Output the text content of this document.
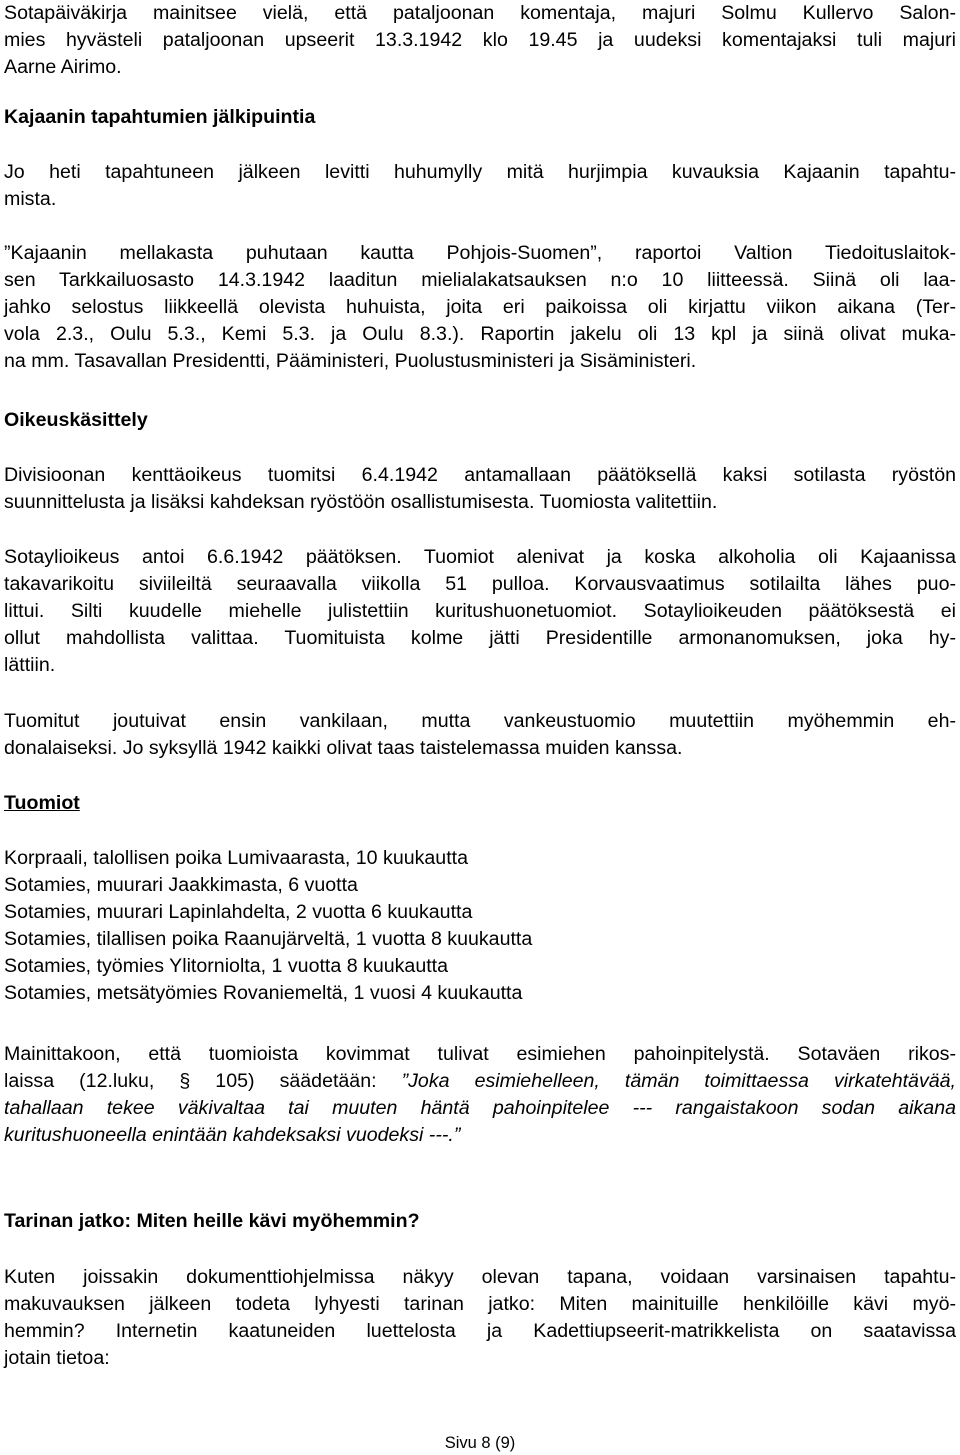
Sotapäiväkirja mainitsee vielä, että pataljoonan komentaja, majuri Solmu Kullervo Salon-
mies hyvästeli pataljoonan upseerit 13.3.1942 klo 19.45 ja uudeksi komentajaksi tuli majuri
Aarne Airimo.

Kajaanin tapahtumien jälkipuintia

Jo heti tapahtuneen jälkeen levitti huhumylly mitä hurjimpia kuvauksia Kajaanin tapahtu-
mista.

”Kajaanin mellakasta puhutaan kautta Pohjois-Suomen”, raportoi Valtion Tiedoituslaitok-
sen Tarkkailuosasto 14.3.1942 laaditun mielialakatsauksen n:o 10 liitteessä. Siinä oli laa-
jahko selostus liikkeellä olevista huhuista, joita eri paikoissa oli kirjattu viikon aikana (Ter-
vola 2.3., Oulu 5.3., Kemi 5.3. ja Oulu 8.3.). Raportin jakelu oli 13 kpl ja siinä olivat muka-
na mm. Tasavallan Presidentti, Pääministeri, Puolustusministeri ja Sisäministeri.

Oikeuskäsittely

Divisioonan kenttäoikeus tuomitsi 6.4.1942 antamallaan päätöksellä kaksi sotilasta ryöstön
suunnittelusta ja lisäksi kahdeksan ryöstöön osallistumisesta. Tuomiosta valitettiin.

Sotaylioikeus antoi 6.6.1942 päätöksen. Tuomiot alenivat ja koska alkoholia oli Kajaanissa
takavarikoitu siviileiltä seuraavalla viikolla 51 pulloa. Korvausvaatimus sotilailta lähes puo-
littui. Silti kuudelle miehelle julistettiin kuritushuonetuomiot. Sotaylioikeuden päätöksestä ei
ollut mahdollista valittaa. Tuomituista kolme jätti Presidentille armonanomuksen, joka hy-
lättiin.

Tuomitut joutuivat ensin vankilaan, mutta vankeustuomio muutettiin myöhemmin eh-
donalaiseksi. Jo syksyllä 1942 kaikki olivat taas taistelemassa muiden kanssa.

Tuomiot

Korpraali, talollisen poika Lumivaarasta, 10 kuukautta
Sotamies, muurari Jaakkimasta, 6 vuotta
Sotamies, muurari Lapinlahdelta, 2 vuotta 6 kuukautta
Sotamies, tilallisen poika Raanujärveltä, 1 vuotta 8 kuukautta
Sotamies, työmies Ylitorniolta, 1 vuotta 8 kuukautta
Sotamies, metsätyömies Rovaniemeltä, 1 vuosi 4 kuukautta

Mainittakoon, että tuomioista kovimmat tulivat esimiehen pahoinpitelystä. Sotaväen rikos-
laissa (12.luku, § 105) säädetään: ”Joka esimiehelleen, tämän toimittaessa virkatehtävää,
tahallaan tekee väkivaltaa tai muuten häntä pahoinpitelee --- rangaistakoon sodan aikana
kuritushuoneella enintään kahdeksaksi vuodeksi ---.”

Tarinan jatko: Miten heille kävi myöhemmin?

Kuten joissakin dokumenttiohjelmissa näkyy olevan tapana, voidaan varsinaisen tapahtu-
makuvauksen jälkeen todeta lyhyesti tarinan jatko: Miten mainituille henkilöille kävi myö-
hemmin? Internetin kaatuneiden luettelosta ja Kadettiupseerit-matrikkelista on saatavissa
jotain tietoa:

Sivu 8 (9)
